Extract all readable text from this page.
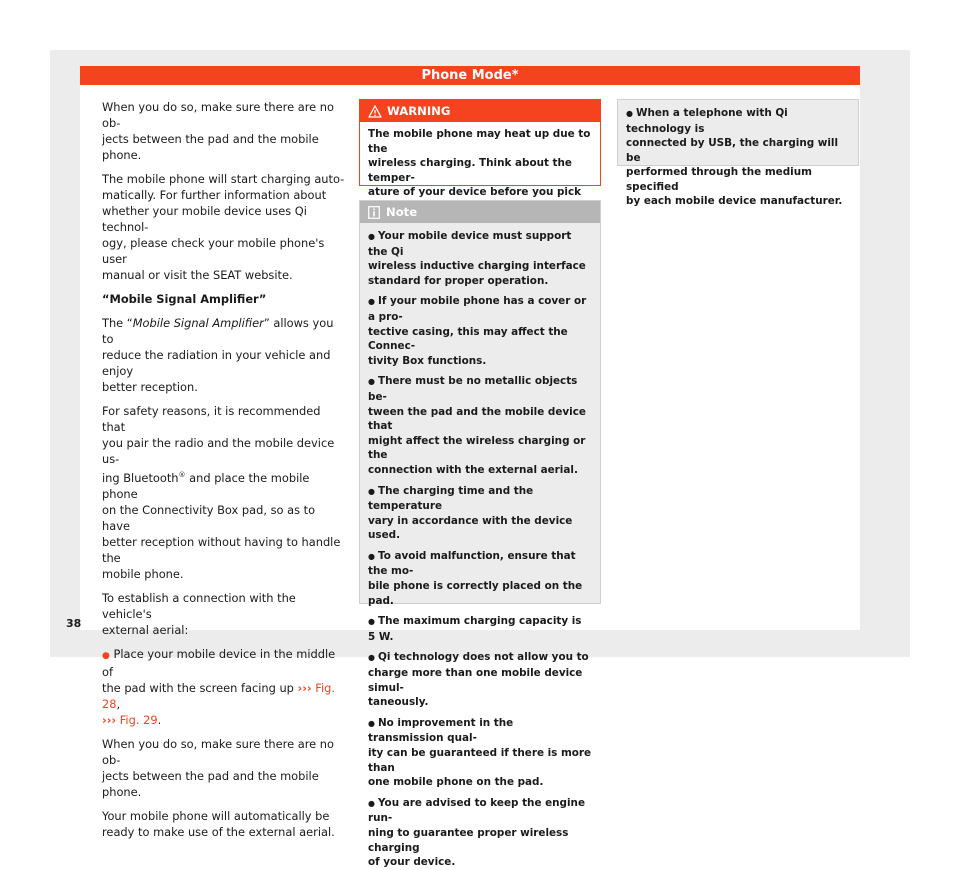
Phone Mode*

When you do so, make sure there are no ob-
jects between the pad and the mobile phone.

The mobile phone will start charging auto-
matically. For further information about
whether your mobile device uses Qi technol-
ogy, please check your mobile phone's user
manual or visit the SEAT website.

“Mobile Signal Amplifier”

The “Mobile Signal Amplifier” allows you to
reduce the radiation in your vehicle and enjoy
better reception.

For safety reasons, it is recommended that
you pair the radio and the mobile device us-
ing Bluetooth® and place the mobile phone
on the Connectivity Box pad, so as to have
better reception without having to handle the
mobile phone.

To establish a connection with the vehicle's
external aerial:

● Place your mobile device in the middle of
the pad with the screen facing up ››› Fig. 28,
››› Fig. 29.

When you do so, make sure there are no ob-
jects between the pad and the mobile phone.

Your mobile phone will automatically be
ready to make use of the external aerial.

WARNING
The mobile phone may heat up due to the
wireless charging. Think about the temper-
ature of your device before you pick

Note

● Your mobile device must support the Qi
wireless inductive charging interface
standard for proper operation.

● If your mobile phone has a cover or a pro-
tective casing, this may affect the Connec-
tivity Box functions.

● There must be no metallic objects be-
tween the pad and the mobile device that
might affect the wireless charging or the
connection with the external aerial.

● The charging time and the temperature
vary in accordance with the device used.

● To avoid malfunction, ensure that the mo-
bile phone is correctly placed on the pad.

● The maximum charging capacity is 5 W.

● Qi technology does not allow you to
charge more than one mobile device simul-
taneously.

● No improvement in the transmission qual-
ity can be guaranteed if there is more than
one mobile phone on the pad.

● You are advised to keep the engine run-
ning to guarantee proper wireless charging
of your device.

● When a telephone with Qi technology is
connected by USB, the charging will be
performed through the medium specified
by each mobile device manufacturer.

38
